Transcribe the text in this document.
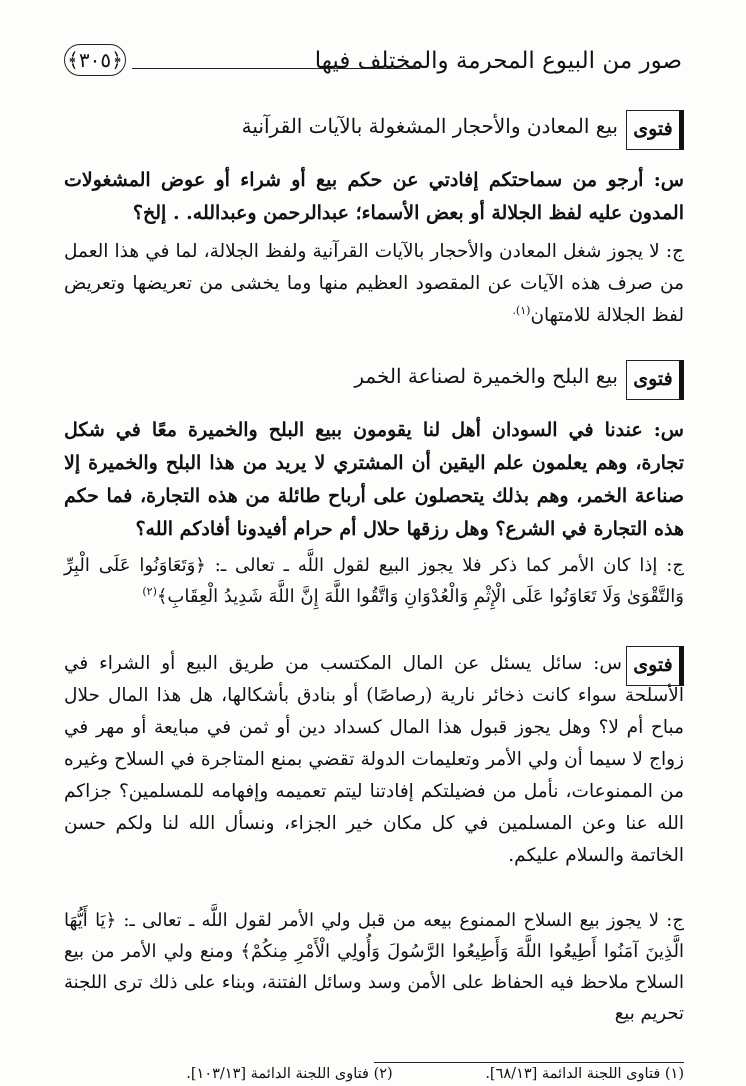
صور من البيوع المحرمة والمختلف فيها
﴿٣٠٥﴾
فتوى
بيع المعادن والأحجار المشغولة بالآيات القرآنية

س: أرجو من سماحتكم إفادتي عن حكم بيع أو شراء أو عوض المشغولات المدون عليه لفظ الجلالة أو بعض الأسماء؛ عبدالرحمن وعبدالله. . إلخ؟

ج: لا يجوز شغل المعادن والأحجار بالآيات القرآنية ولفظ الجلالة، لما في هذا العمل من صرف هذه الآيات عن المقصود العظيم منها وما يخشى من تعريضها وتعريض لفظ الجلالة للامتهان$^{(١).}$

فتوى
بيع البلح والخميرة لصناعة الخمر

س: عندنا في السودان أهل لنا يقومون ببيع البلح والخميرة معًا في شكل تجارة، وهم يعلمون علم اليقين أن المشتري لا يريد من هذا البلح والخميرة إلا صناعة الخمر، وهم بذلك يتحصلون على أرباح طائلة من هذه التجارة، فما حكم هذه التجارة في الشرع؟ وهل رزقها حلال أم حرام أفيدونا أفادكم الله؟

ج: إذا كان الأمر كما ذكر فلا يجوز البيع لقول اللَّه ـ تعالى ـ: ﴿وَتَعَاوَنُوا عَلَى الْبِرِّ وَالتَّقْوَىٰ وَلَا تَعَاوَنُوا عَلَى الْإِثْمِ وَالْعُدْوَانِ وَاتَّقُوا اللَّهَ إِنَّ اللَّهَ شَدِيدُ الْعِقَابِ﴾$^{(٢)}$

فتوى

س: سائل يسئل عن المال المكتسب من طريق البيع أو الشراء في الأسلحة سواء كانت ذخائر نارية (رصاصًا) أو بنادق بأشكالها، هل هذا المال حلال مباح أم لا؟ وهل يجوز قبول هذا المال كسداد دين أو ثمن في مبايعة أو مهر في زواج لا سيما أن ولي الأمر وتعليمات الدولة تقضي بمنع المتاجرة في السلاح وغيره من الممنوعات، نأمل من فضيلتكم إفادتنا ليتم تعميمه وإفهامه للمسلمين؟ جزاكم الله عنا وعن المسلمين في كل مكان خير الجزاء، ونسأل الله لنا ولكم حسن الخاتمة والسلام عليكم.

ج: لا يجوز بيع السلاح الممنوع بيعه من قبل ولي الأمر لقول اللَّه ـ تعالى ـ: ﴿يَا أَيُّهَا الَّذِينَ آمَنُوا أَطِيعُوا اللَّهَ وَأَطِيعُوا الرَّسُولَ وَأُولِي الْأَمْرِ مِنكُمْ﴾ ومنع ولي الأمر من بيع السلاح ملاحظ فيه الحفاظ على الأمن وسد وسائل الفتنة، وبناء على ذلك ترى اللجنة تحريم بيع

(١) فتاوى اللجنة الدائمة [٦٨/١٣]. (٢) فتاوى اللجنة الدائمة [١٠٣/١٣].
